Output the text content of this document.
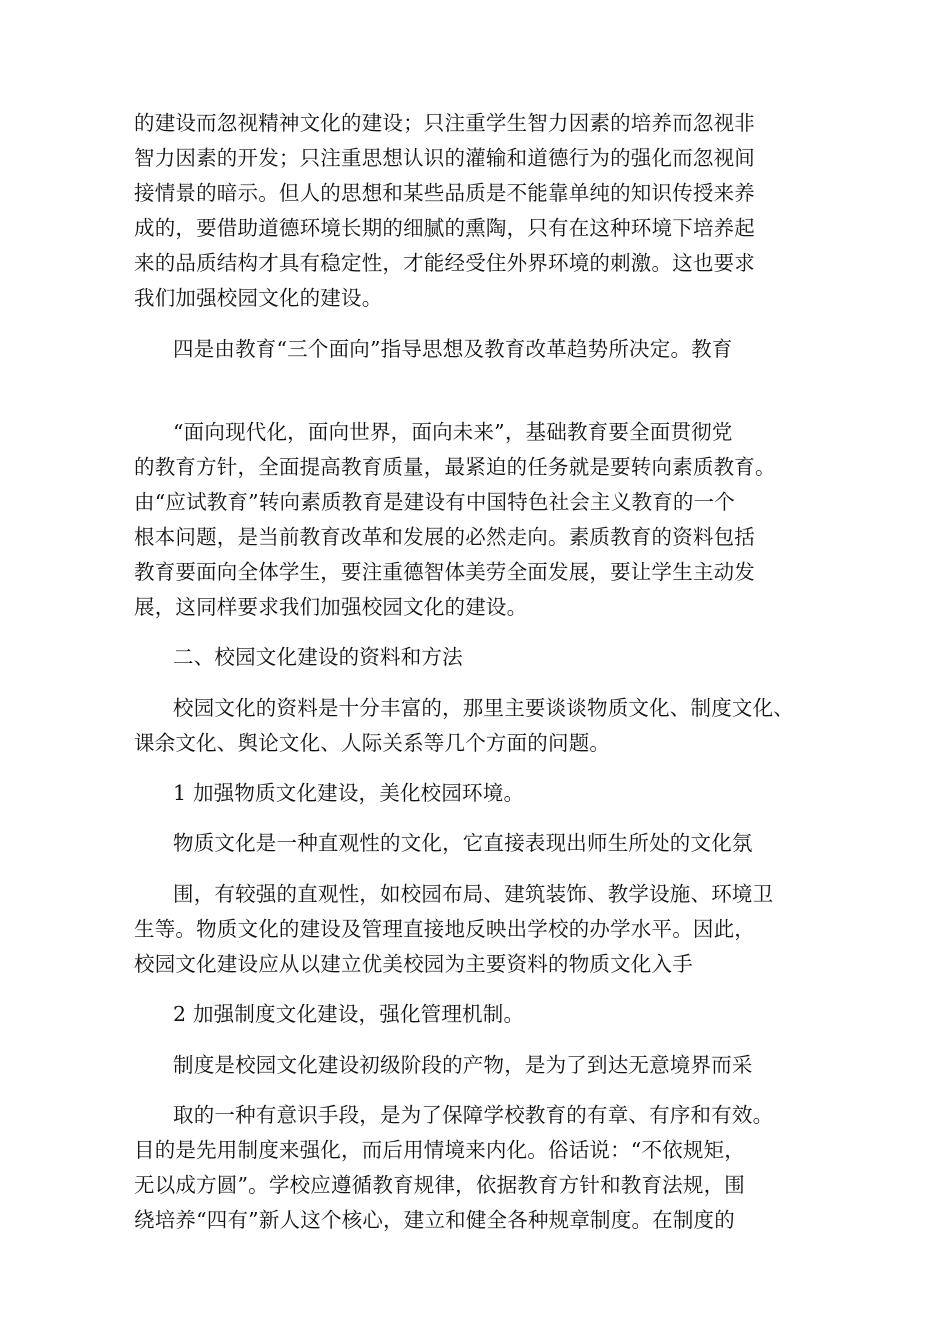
的建设而忽视精神文化的建设；只注重学生智力因素的培养而忽视非
智力因素的开发；只注重思想认识的灌输和道德行为的强化而忽视间
接情景的暗示。但人的思想和某些品质是不能靠单纯的知识传授来养
成的，要借助道德环境长期的细腻的熏陶，只有在这种环境下培养起
来的品质结构才具有稳定性，才能经受住外界环境的刺激。这也要求
我们加强校园文化的建设。
四是由教育“三个面向”指导思想及教育改革趋势所决定。教育
“面向现代化，面向世界，面向未来”，基础教育要全面贯彻党
的教育方针，全面提高教育质量，最紧迫的任务就是要转向素质教育。
由“应试教育”转向素质教育是建设有中国特色社会主义教育的一个
根本问题，是当前教育改革和发展的必然走向。素质教育的资料包括
教育要面向全体学生，要注重德智体美劳全面发展，要让学生主动发
展，这同样要求我们加强校园文化的建设。
二、校园文化建设的资料和方法
校园文化的资料是十分丰富的，那里主要谈谈物质文化、制度文化、
课余文化、舆论文化、人际关系等几个方面的问题。
1 加强物质文化建设，美化校园环境。
物质文化是一种直观性的文化，它直接表现出师生所处的文化氛
围，有较强的直观性，如校园布局、建筑装饰、教学设施、环境卫
生等。物质文化的建设及管理直接地反映出学校的办学水平。因此，
校园文化建设应从以建立优美校园为主要资料的物质文化入手
2 加强制度文化建设，强化管理机制。
制度是校园文化建设初级阶段的产物，是为了到达无意境界而采
取的一种有意识手段，是为了保障学校教育的有章、有序和有效。
目的是先用制度来强化，而后用情境来内化。俗话说：“不依规矩，
无以成方圆”。学校应遵循教育规律，依据教育方针和教育法规，围
绕培养“四有”新人这个核心，建立和健全各种规章制度。在制度的
